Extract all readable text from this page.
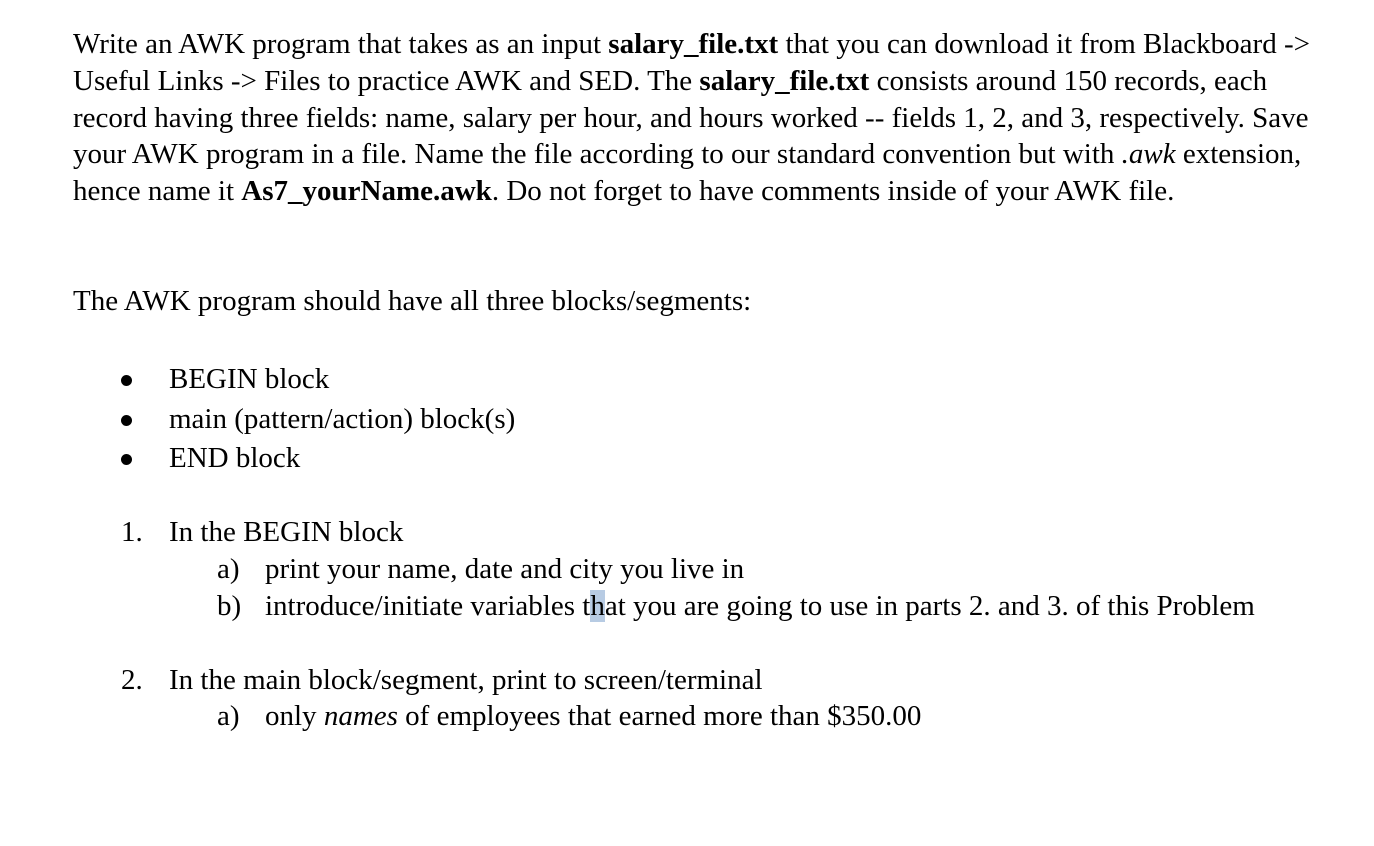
Write an AWK program that takes as an input salary_file.txt that you can download it from Blackboard -> Useful Links -> Files to practice AWK and SED. The salary_file.txt consists around 150 records, each record having three fields: name, salary per hour, and hours worked -- fields 1, 2, and 3, respectively. Save your AWK program in a file. Name the file according to our standard convention but with .awk extension, hence name it As7_yourName.awk. Do not forget to have comments inside of your AWK file.

The AWK program should have all three blocks/segments:
BEGIN block
main (pattern/action) block(s)
END block
1. In the BEGIN block
a) print your name, date and city you live in
b) introduce/initiate variables that you are going to use in parts 2. and 3. of this Problem
2. In the main block/segment, print to screen/terminal
a) only names of employees that earned more than $350.00
